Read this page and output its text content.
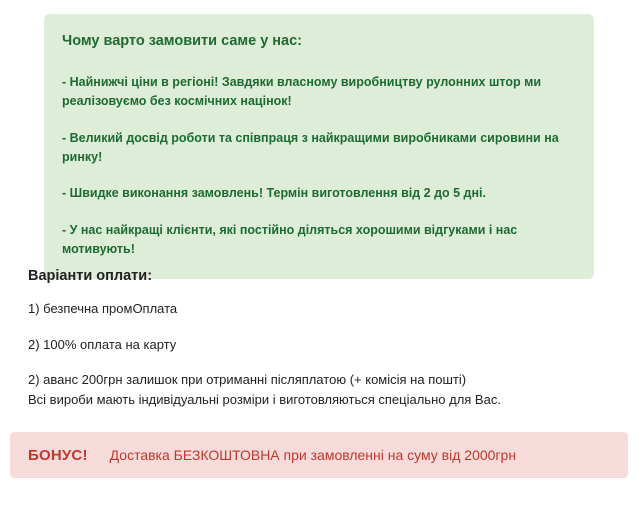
Чому варто замовити саме у нас:

- Найнижчі ціни в регіоні! Завдяки власному виробництву рулонних штор ми реалізовуємо без космічних націнок!

- Великий досвід роботи та співпраця з найкращими виробниками сировини на ринку!

- Швидке виконання замовлень! Термін виготовлення від 2 до 5 дні.

- У нас найкращі клієнти, які постійно діляться хорошими відгуками і нас мотивують!

Варіанти оплати:

1) безпечна промОплата

2) 100% оплата на карту

2) аванс 200грн залишок при отриманні післяплатою (+ комісія на пошті)

Всі вироби мають індивідуальні розміри і виготовляються спеціально для Вас.

БОНУС! Доставка БЕЗКОШТОВНА при замовленні на суму від 2000грн
